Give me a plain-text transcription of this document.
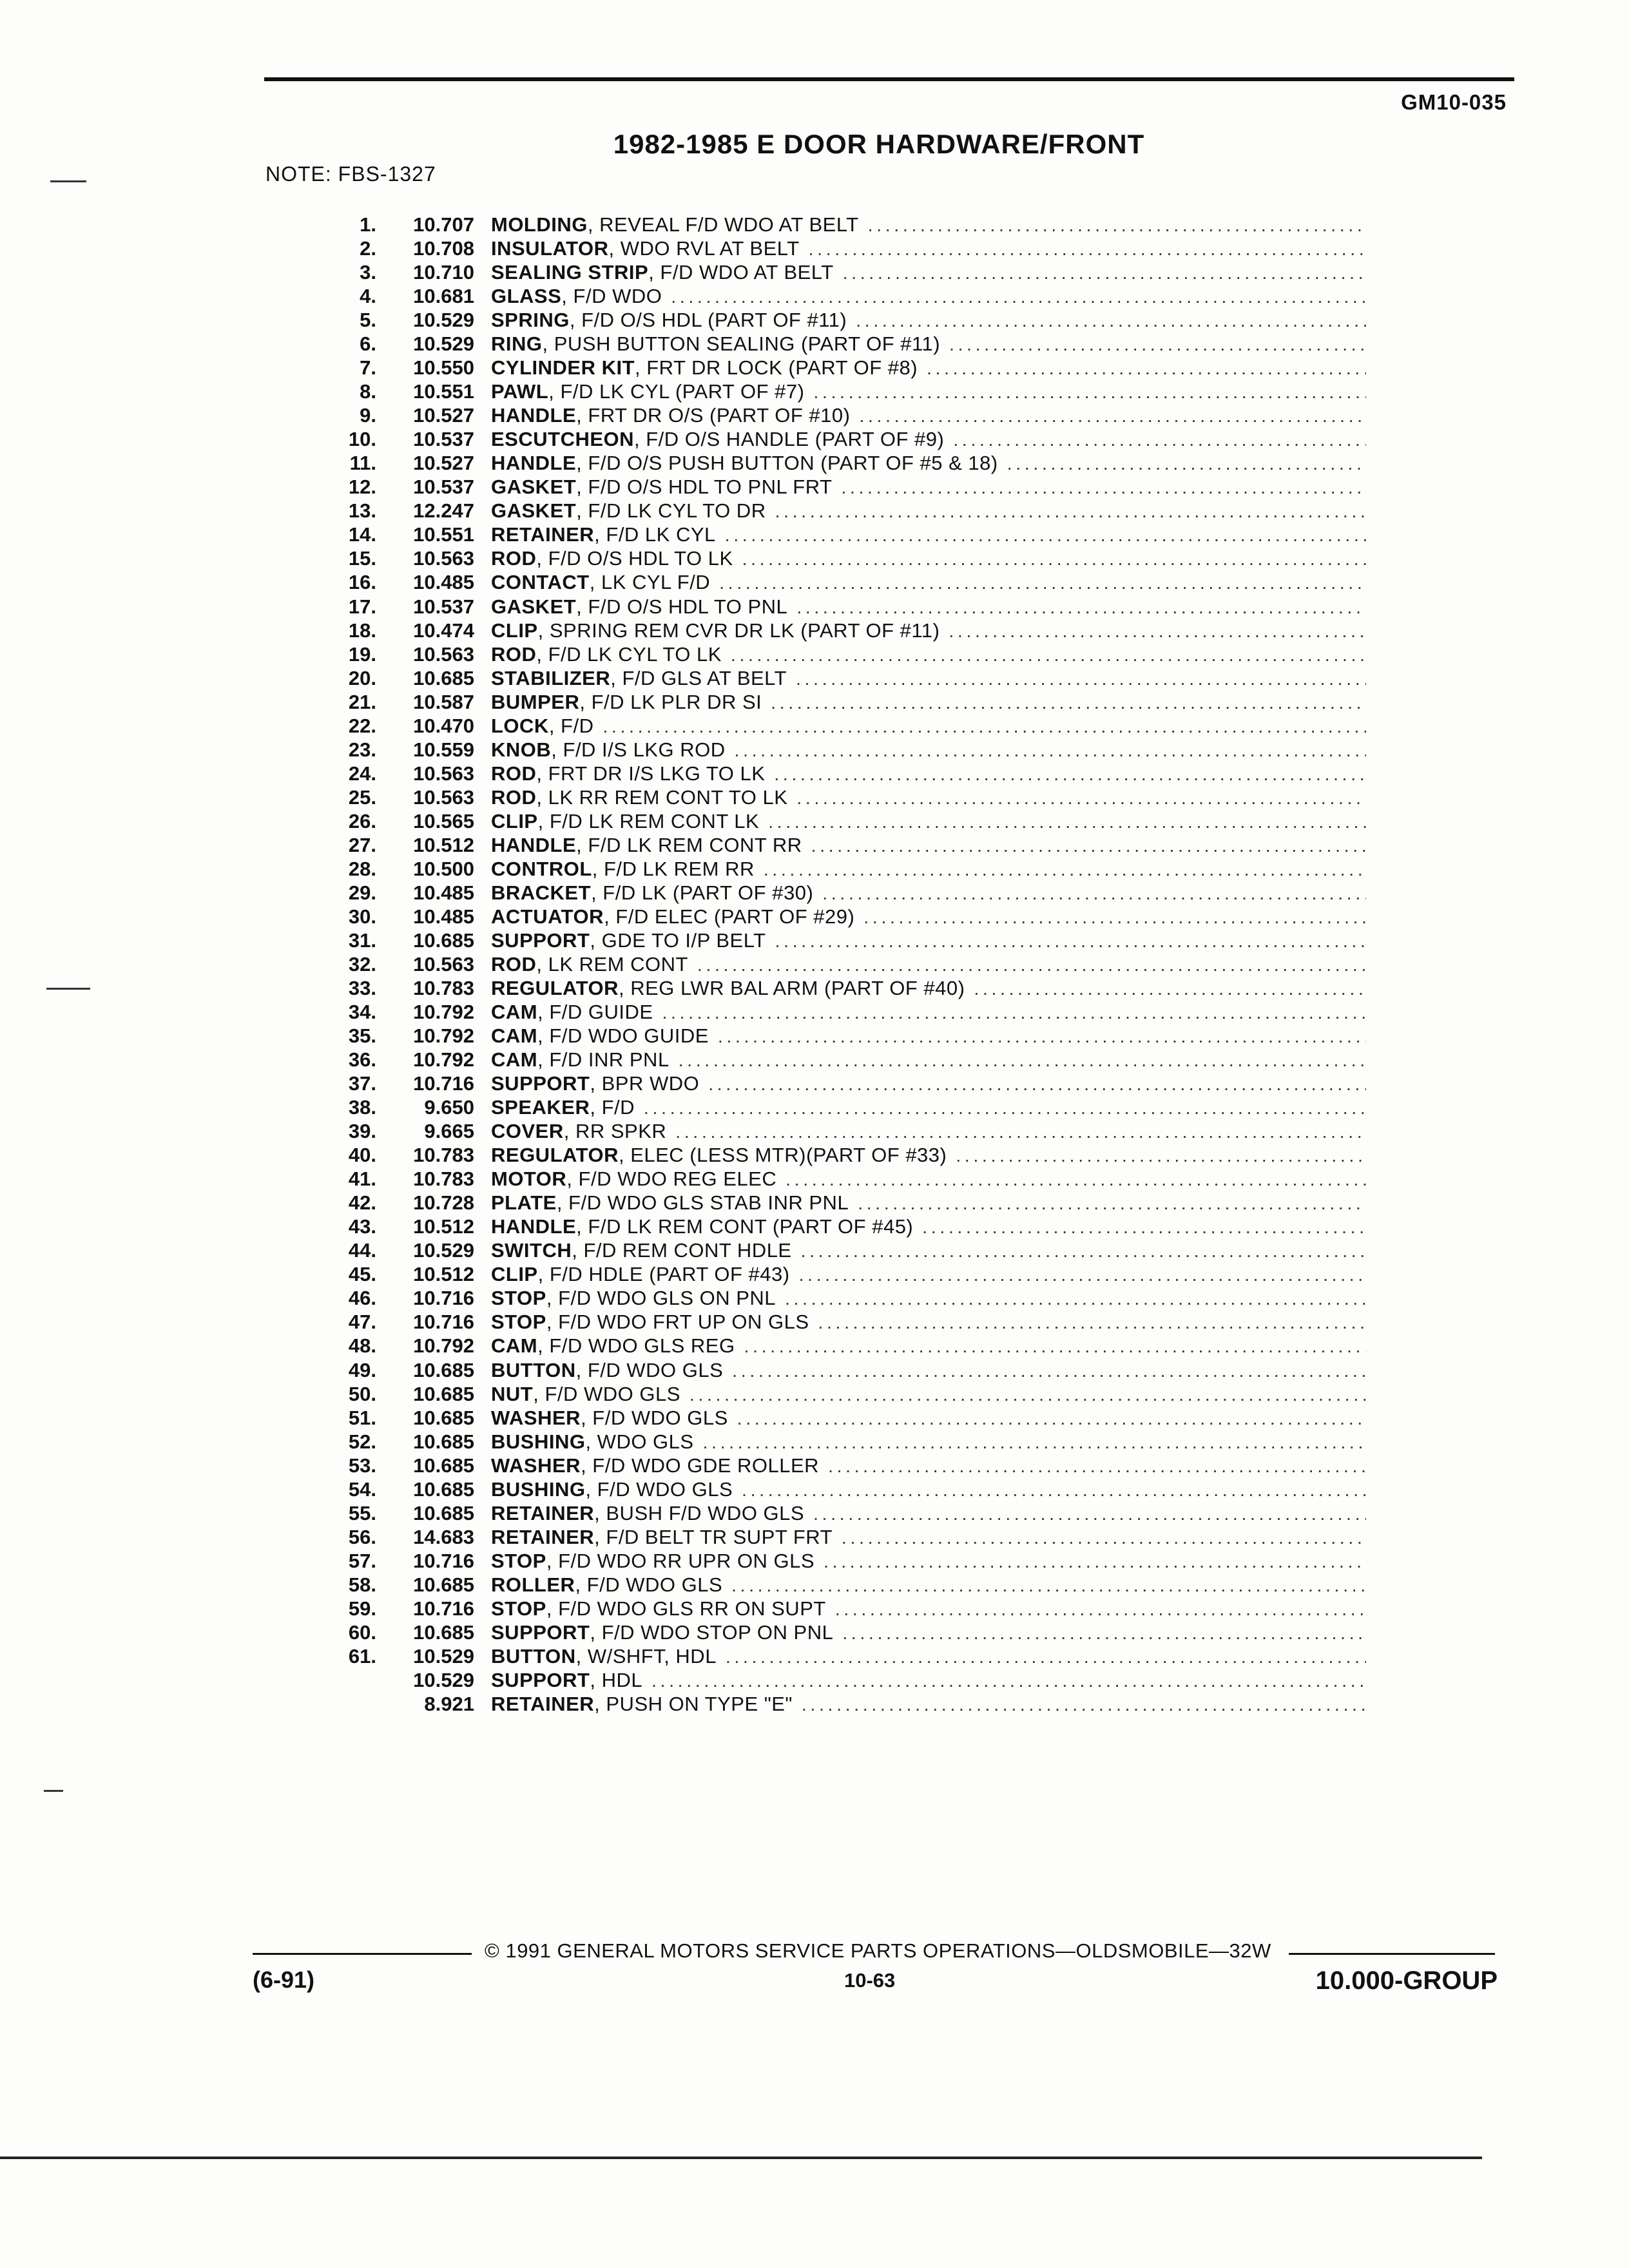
GM10-035
1982-1985 E DOOR HARDWARE/FRONT
NOTE: FBS-1327
1.	10.707 MOLDING , REVEAL F/D WDO AT BELT
. . .
2.	10.708 INSULATOR , WDO RVL AT BELT
. . .
3.	10.710 SEALING STRIP , F/D WDO AT BELT
. . .
4.	10.681 GLASS , F/D WDO
. . .
5.	10.529 SPRING , F/D O/S HDL (PART OF #11)
. . .
6.	10.529 RING , PUSH BUTTON SEALING (PART OF #11)
. . .
7.	10.550 CYLINDER KIT , FRT DR LOCK (PART OF #8)
. . .
8.	10.551 PAWL , F/D LK CYL (PART OF #7)
. . .
9.	10.527 HANDLE , FRT DR O/S (PART OF #10)
. . .
10.	10.537 ESCUTCHEON , F/D O/S HANDLE (PART OF #9)
. . .
11.	10.527 HANDLE , F/D O/S PUSH BUTTON (PART OF #5 & 18)
. . .
12.	10.537 GASKET , F/D O/S HDL TO PNL FRT
. . .
13.	12.247 GASKET , F/D LK CYL TO DR
. . .
14.	10.551 RETAINER , F/D LK CYL
. . .
15.	10.563 ROD , F/D O/S HDL TO LK
. . .
16.	10.485 CONTACT , LK CYL F/D
. . .
17.	10.537 GASKET , F/D O/S HDL TO PNL
. . .
18.	10.474 CLIP , SPRING REM CVR DR LK (PART OF #11)
. . .
19.	10.563 ROD , F/D LK CYL TO LK
. . .
20.	10.685 STABILIZER , F/D GLS AT BELT
. . .
21.	10.587 BUMPER , F/D LK PLR DR SI
. . .
22.	10.470 LOCK , F/D
. . .
23.	10.559 KNOB , F/D I/S LKG ROD
. . .
24.	10.563 ROD , FRT DR I/S LKG TO LK
. . .
25.	10.563 ROD , LK RR REM CONT TO LK
. . .
26.	10.565 CLIP , F/D LK REM CONT LK
. . .
27.	10.512 HANDLE , F/D LK REM CONT RR
. . .
28.	10.500 CONTROL , F/D LK REM RR
. . .
29.	10.485 BRACKET , F/D LK (PART OF #30)
. . .
30.	10.485 ACTUATOR , F/D ELEC (PART OF #29)
. . .
31.	10.685 SUPPORT , GDE TO I/P BELT
. . .
32.	10.563 ROD , LK REM CONT
. . .
33.	10.783 REGULATOR , REG LWR BAL ARM (PART OF #40)
. . .
34.	10.792 CAM , F/D GUIDE
. . .
35.	10.792 CAM , F/D WDO GUIDE
. . .
36.	10.792 CAM , F/D INR PNL
. . .
37.	10.716 SUPPORT , BPR WDO
. . .
38.	9.650 SPEAKER , F/D
. . .
39.	9.665 COVER , RR SPKR
. . .
40.	10.783 REGULATOR , ELEC (LESS MTR)(PART OF #33)
. . .
41.	10.783 MOTOR , F/D WDO REG ELEC
. . .
42.	10.728 PLATE , F/D WDO GLS STAB INR PNL
. . .
43.	10.512 HANDLE , F/D LK REM CONT (PART OF #45)
. . .
44.	10.529 SWITCH , F/D REM CONT HDLE
. . .
45.	10.512 CLIP , F/D HDLE (PART OF #43)
. . .
46.	10.716 STOP , F/D WDO GLS ON PNL
. . .
47.	10.716 STOP , F/D WDO FRT UP ON GLS
. . .
48.	10.792 CAM , F/D WDO GLS REG
. . .
49.	10.685 BUTTON , F/D WDO GLS
. . .
50.	10.685 NUT , F/D WDO GLS
. . .
51.	10.685 WASHER , F/D WDO GLS
. . .
52.	10.685 BUSHING , WDO GLS
. . .
53.	10.685 WASHER , F/D WDO GDE ROLLER
. . .
54.	10.685 BUSHING , F/D WDO GLS
. . .
55.	10.685 RETAINER , BUSH F/D WDO GLS
. . .
56.	14.683 RETAINER , F/D BELT TR SUPT FRT
. . .
57.	10.716 STOP , F/D WDO RR UPR ON GLS
. . .
58.	10.685 ROLLER , F/D WDO GLS
. . .
59.	10.716 STOP , F/D WDO GLS RR ON SUPT
. . .
60.	10.685 SUPPORT , F/D WDO STOP ON PNL
. . .
61.	10.529 BUTTON , W/SHFT, HDL
. . .
10.529 SUPPORT , HDL
. . .
8.921 RETAINER , PUSH ON TYPE "E"
. . .
© 1991 GENERAL MOTORS SERVICE PARTS OPERATIONS—OLDSMOBILE—32W
(6-91)	10-63	10.000-GROUP
